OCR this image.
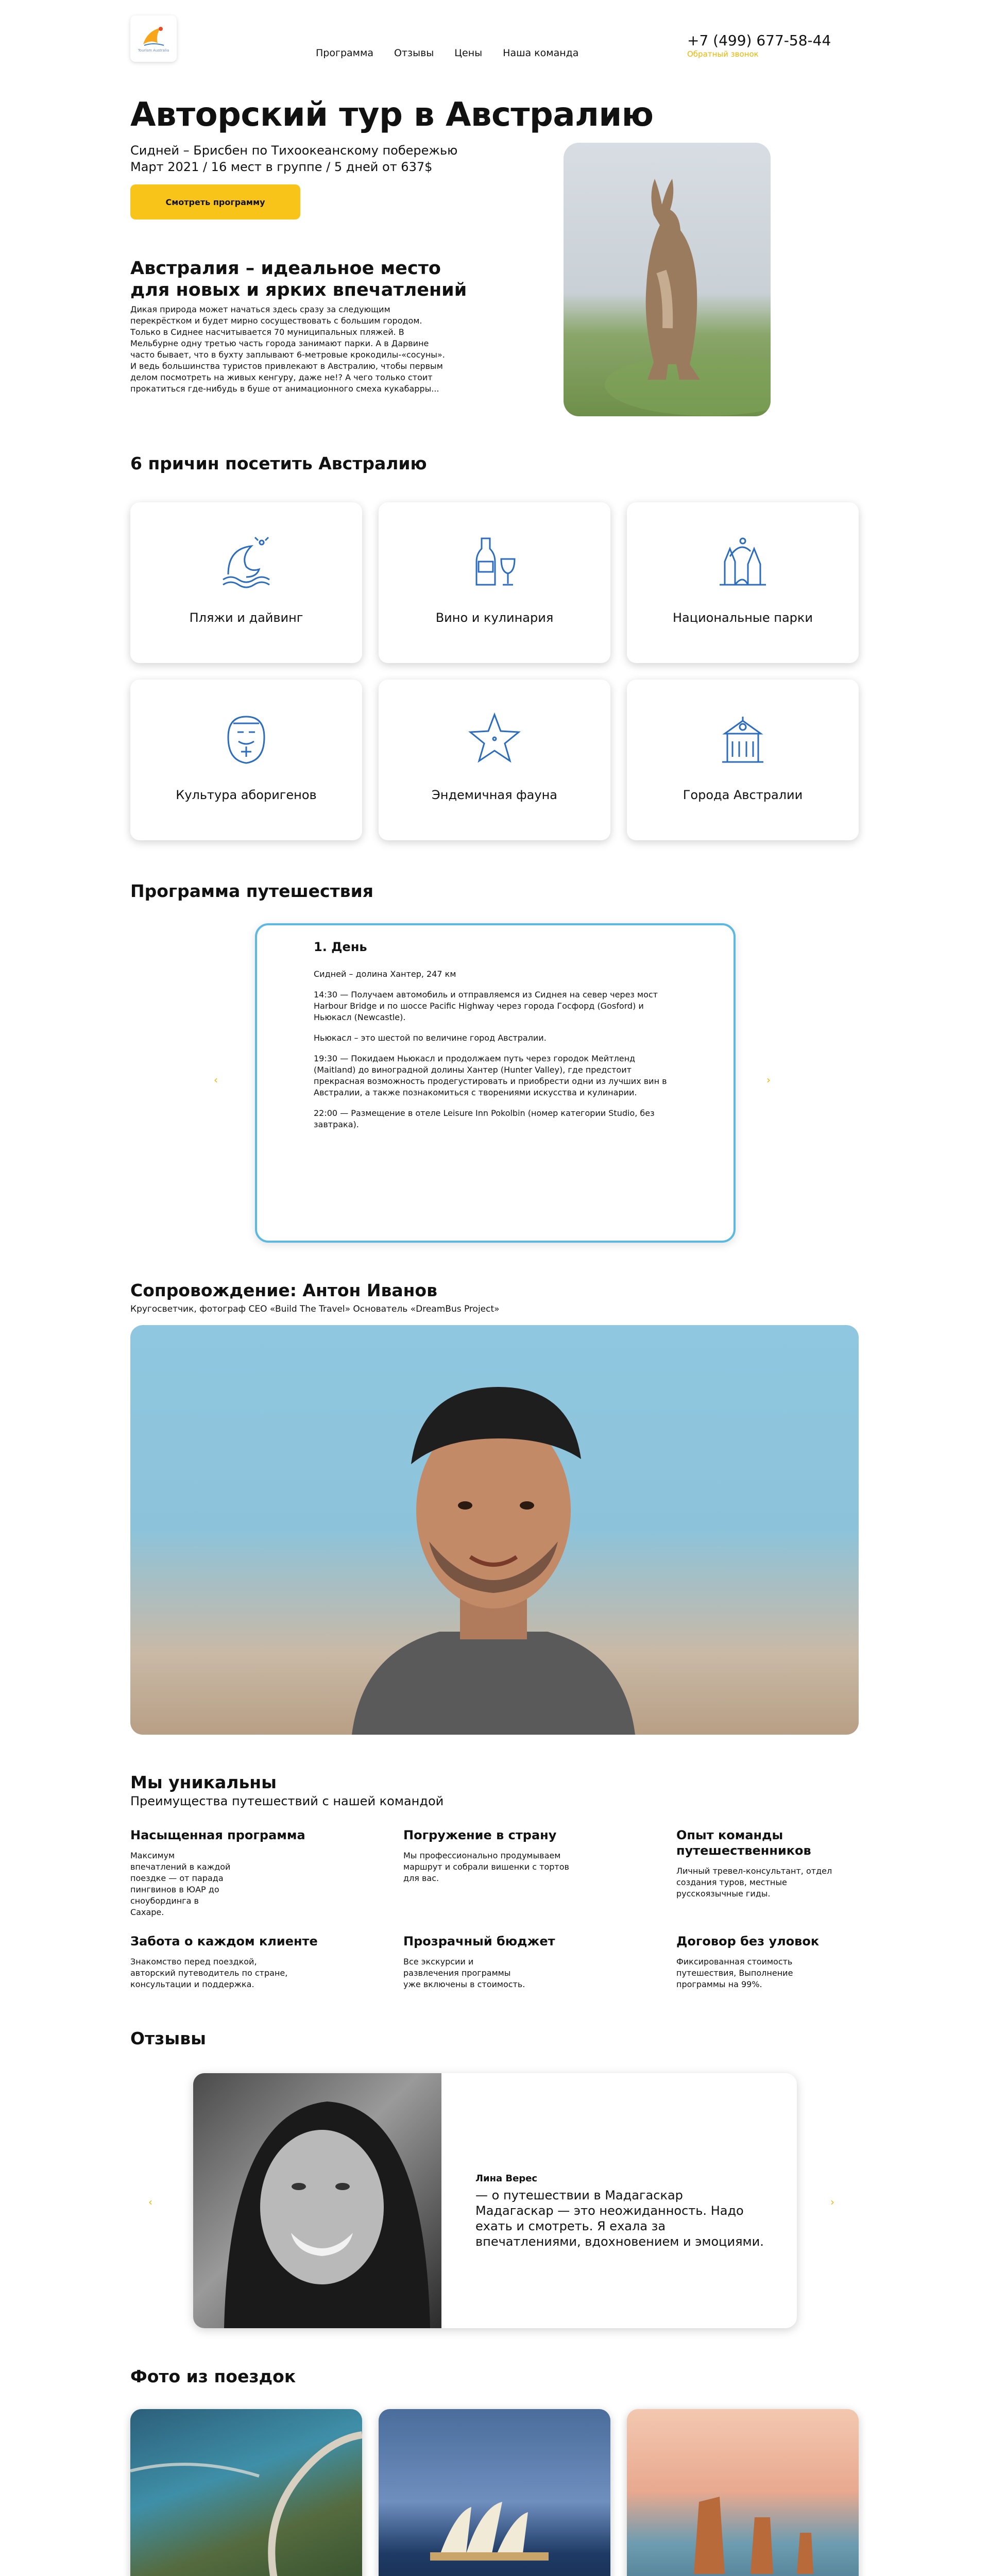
Tourism Australia	Программа Отзывы Цены Наша команда
+7 (499) 677-58-44
Обратный звонок
Авторский тур в Австралию
Сидней – Брисбен по Тихоокеанскому побережью
Март 2021 / 16 мест в группе / 5 дней от 637$
Смотреть программу
Австралия – идеальное место
для новых и ярких впечатлений
Дикая природа может начаться здесь сразу за следующим перекрёстком и будет мирно сосуществовать с большим городом. Только в Сиднее насчитывается 70 муниципальных пляжей. В Мельбурне одну третью часть города занимают парки. А в Дарвине часто бывает, что в бухту заплывают 6-метровые крокодилы-«сосуны». И ведь большинства туристов привлекают в Австралию, чтобы первым делом посмотреть на живых кенгуру, даже не!? А чего только стоит прокатиться где-нибудь в буше от анимационного смеха кукабарры...
6 причин посетить Австралию
Пляжи и дайвинг	Вино и кулинария	Национальные парки
Культура аборигенов	Эндемичная фауна	Города Австралии
Программа путешествия
‹	›
1. День

Сидней – долина Хантер, 247 км

14:30 — Получаем автомобиль и отправляемся из Сиднея на север через мост Harbour Bridge и по шоссе Pacific Highway через города Госфорд (Gosford) и Ньюкасл (Newcastle).

Ньюкасл – это шестой по величине город Австралии.

19:30 — Покидаем Ньюкасл и продолжаем путь через городок Мейтленд (Maitland) до виноградной долины Хантер (Hunter Valley), где предстоит прекрасная возможность продегустировать и приобрести одни из лучших вин в Австралии, а также познакомиться с творениями искусства и кулинарии.

22:00 — Размещение в отеле Leisure Inn Pokolbin (номер категории Studio, без завтрака).

Сопровождение: Антон Иванов
Кругосветчик, фотограф CEO «Build The Travel» Основатель «DreamBus Project»
Мы уникальны
Преимущества путешествий с нашей командой
Насыщенная программа
Максимум впечатлений в каждой поездке — от парада пингвинов в ЮАР до сноубординга в Сахаре.
Погружение в страну
Мы профессионально продумываем маршрут и собрали вишенки с тортов для вас.
Опыт команды путешественников
Личный тревел-консультант, отдел создания туров, местные русскоязычные гиды.
Забота о каждом клиенте
Знакомство перед поездкой, авторский путеводитель по стране, консультации и поддержка.
Прозрачный бюджет
Все экскурсии и развлечения программы уже включены в стоимость.
Договор без уловок
Фиксированная стоимость путешествия, Выполнение программы на 99%.
Отзывы
‹	›
Лина Верес
— о путешествии в Мадагаскар Мадагаскар — это неожиданность. Надо ехать и смотреть. Я ехала за впечатлениями, вдохновением и эмоциями.
Фото из поездок
